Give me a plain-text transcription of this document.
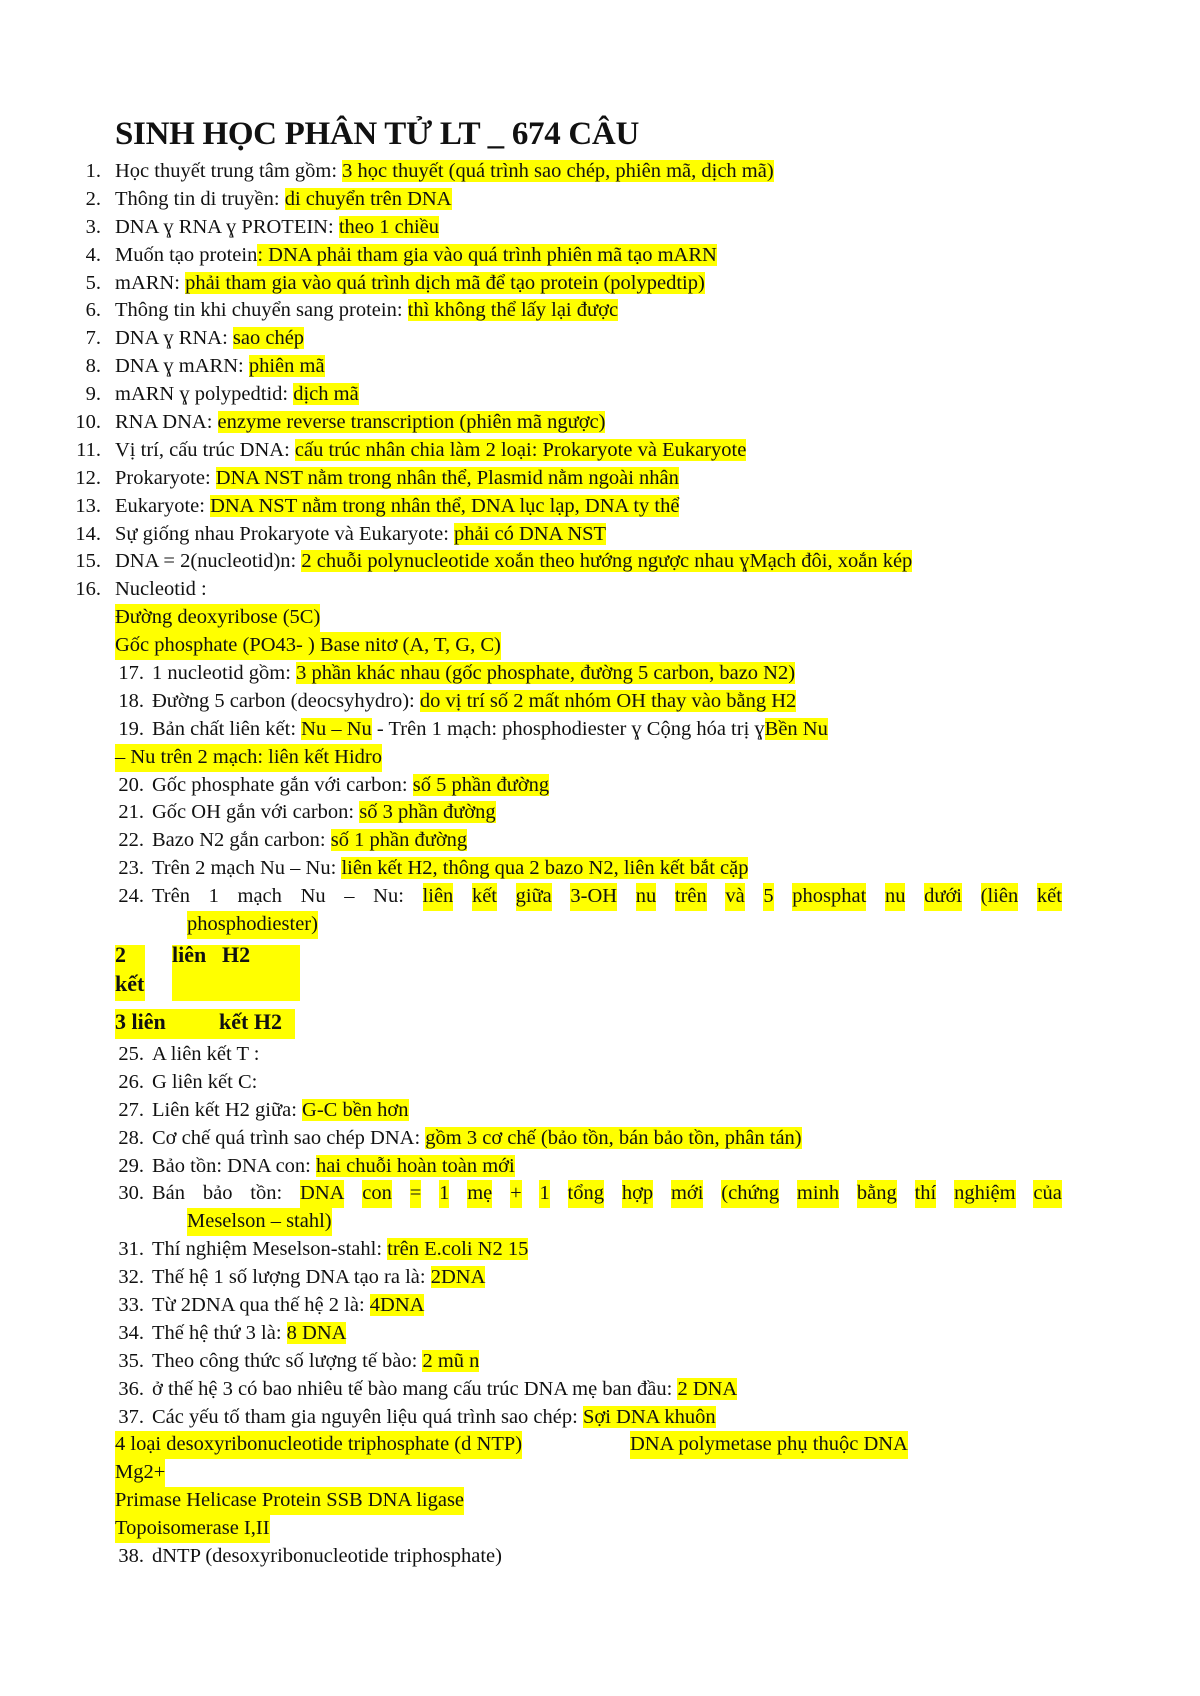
SINH HỌC PHÂN TỬ LT _ 674 CÂU
1. Học thuyết trung tâm gồm: 3 học thuyết (quá trình sao chép, phiên mã, dịch mã)
2. Thông tin di truyền: di chuyển trên DNA
3. DNA ɣ RNA ɣ PROTEIN: theo 1 chiều
4. Muốn tạo protein: DNA phải tham gia vào quá trình phiên mã tạo mARN
5. mARN: phải tham gia vào quá trình dịch mã để tạo protein (polypedtip)
6. Thông tin khi chuyển sang protein: thì không thể lấy lại được
7. DNA ɣ RNA: sao chép
8. DNA ɣ mARN: phiên mã
9. mARN ɣ polypedtid: dịch mã
10. RNA DNA: enzyme reverse transcription (phiên mã ngược)
11. Vị trí, cấu trúc DNA: cấu trúc nhân chia làm 2 loại: Prokaryote và Eukaryote
12. Prokaryote: DNA NST nằm trong nhân thể, Plasmid nằm ngoài nhân
13. Eukaryote: DNA NST nằm trong nhân thể, DNA lục lạp, DNA ty thể
14. Sự giống nhau Prokaryote và Eukaryote: phải có DNA NST
15. DNA = 2(nucleotid)n: 2 chuỗi polynucleotide xoắn theo hướng ngược nhau ɣMạch đôi, xoắn kép
16. Nucleotid :
Đường deoxyribose (5C)
Gốc phosphate (PO43- ) Base nitơ (A, T, G, C)
17. 1 nucleotid gồm: 3 phần khác nhau (gốc phosphate, đường 5 carbon, bazo N2)
18. Đường 5 carbon (deocsyhydro): do vị trí số 2 mất nhóm OH thay vào bằng H2
19. Bản chất liên kết: Nu – Nu - Trên 1 mạch: phosphodiester ɣ Cộng hóa trị ɣBền Nu
– Nu trên 2 mạch: liên kết Hidro
20. Gốc phosphate gắn với carbon: số 5 phần đường
21. Gốc OH gắn với carbon: số 3 phần đường
22. Bazo N2 gắn carbon: số 1 phần đường
23. Trên 2 mạch Nu – Nu: liên kết H2, thông qua 2 bazo N2, liên kết bắt cặp
24. Trên 1 mạch Nu – Nu: liên kết giữa 3-OH nu trên và 5 phosphat nu dưới (liên kết
phosphodiester)
2 liên H2
kết
3 liên kết H2
25. A liên kết T :
26. G liên kết C:
27. Liên kết H2 giữa: G-C bền hơn
28. Cơ chế quá trình sao chép DNA: gồm 3 cơ chế (bảo tồn, bán bảo tồn, phân tán)
29. Bảo tồn: DNA con: hai chuỗi hoàn toàn mới
30. Bán bảo tồn: DNA con = 1 mẹ + 1 tổng hợp mới (chứng minh bằng thí nghiệm của
Meselson – stahl)
31. Thí nghiệm Meselson-stahl: trên E.coli N2 15
32. Thế hệ 1 số lượng DNA tạo ra là: 2DNA
33. Từ 2DNA qua thế hệ 2 là: 4DNA
34. Thế hệ thứ 3 là: 8 DNA
35. Theo công thức số lượng tế bào: 2 mũ n
36. ở thế hệ 3 có bao nhiêu tế bào mang cấu trúc DNA mẹ ban đầu: 2 DNA
37. Các yếu tố tham gia nguyên liệu quá trình sao chép: Sợi DNA khuôn
4 loại desoxyribonucleotide triphosphate (d NTP)	DNA polymetase phụ thuộc DNA
Mg2+
Primase Helicase Protein SSB DNA ligase
Topoisomerase I,II
38. dNTP (desoxyribonucleotide triphosphate)
